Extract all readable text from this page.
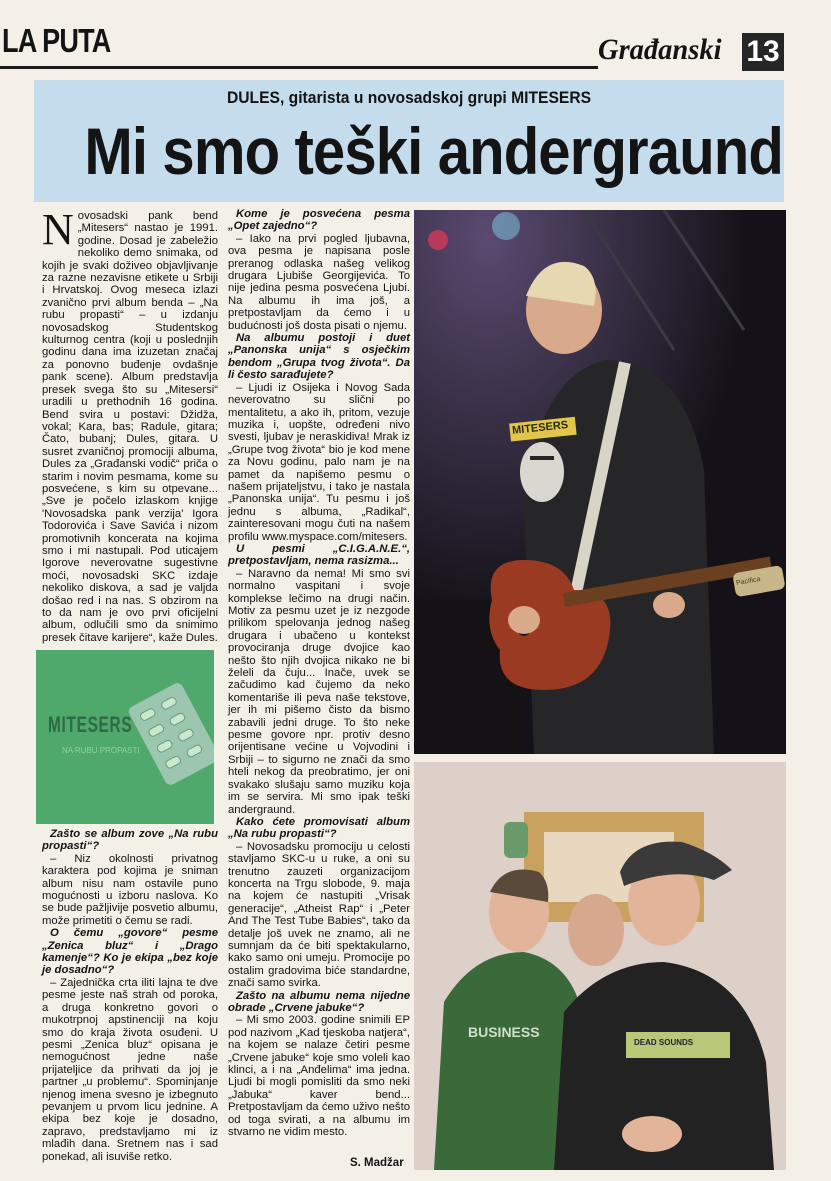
LA PUTA	Građanski 13
DULES, gitarista u novosadskoj grupi MITESERS
Mi smo teški andergraund
N ovosadski pank bend „Mitesers“ nastao je 1991. godine. Dosad je zabeležio nekoliko demo snimaka, od kojih je svaki doživeo objavljivanje za razne nezavisne etikete u Srbiji i Hrvatskoj. Ovog meseca izlazi zvanično prvi album benda – „Na rubu propasti“ – u izdanju novosadskog Studentskog kulturnog centra (koji u poslednjih godinu dana ima izuzetan značaj za ponovno buđenje ovdašnje pank scene). Album predstavlja presek svega što su „Mitesersi“ uradili u prethodnih 16 godina. Bend svira u postavi: Džidža, vokal; Kara, bas; Radule, gitara; Čato, bubanj; Dules, gitara. U susret zvaničnoj promociji albuma, Dules za „Građanski vodič“ priča o starim i novim pesmama, kome su posvećene, s kim su otpevane... „Sve je počelo izlaskom knjige 'Novosadska pank verzija' Igora Todorovića i Save Savića i nizom promotivnih koncerata na kojima smo i mi nastupali. Pod uticajem Igorove neverovatne sugestivne moći, novosadski SKC izdaje nekoliko diskova, a sad je valjda došao red i na nas. S obzirom na to da nam je ovo prvi oficijelni album, odlučili smo da snimimo presek čitave karijere“, kaže Dules.
MITESERS
NA RUBU PROPASTI

Zašto se album zove „Na rubu propasti“?

– Niz okolnosti privatnog karaktera pod kojima je sniman album nisu nam ostavile puno mogućnosti u izboru naslova. Ko se bude pažljivije posvetio albumu, može primetiti o čemu se radi.

O čemu „govore“ pesme „Zenica bluz“ i „Drago kamenje“? Ko je ekipa „bez koje je dosadno“?

– Zajednička crta iliti lajna te dve pesme jeste naš strah od poroka, a druga konkretno govori o mukotrpnoj apstinenciji na koju smo do kraja života osuđeni. U pesmi „Zenica bluz“ opisana je nemogućnost jedne naše prijateljice da prihvati da joj je partner „u problemu“. Spominjanje njenog imena svesno je izbegnuto pevanjem u prvom licu jednine. A ekipa bez koje je dosadno, zapravo, predstavljamo mi iz mlađih dana. Sretnem nas i sad ponekad, ali isuviše retko.

Kome je posvećena pesma „Opet zajedno“?

– Iako na prvi pogled ljubavna, ova pesma je napisana posle preranog odlaska našeg velikog drugara Ljubiše Georgijevića. To nije jedina pesma posvećena Ljubi. Na albumu ih ima još, a pretpostavljam da ćemo i u budućnosti još dosta pisati o njemu.

Na albumu postoji i duet „Panonska unija“ s osječkim bendom „Grupa tvog života“. Da li često sarađujete?

– Ljudi iz Osijeka i Novog Sada neverovatno su slični po mentalitetu, a ako ih, pritom, vezuje muzika i, uopšte, određeni nivo svesti, ljubav je neraskidiva! Mrak iz „Grupe tvog života“ bio je kod mene za Novu godinu, palo nam je na pamet da napišemo pesmu o našem prijateljstvu, i tako je nastala „Panonska unija“. Tu pesmu i još jednu s albuma, „Radikal“, zainteresovani mogu čuti na našem profilu www.myspace.com/mitesers.

U pesmi „C.I.G.A.N.E.“, pretpostavljam, nema rasizma...

– Naravno da nema! Mi smo svi normalno vaspitani i svoje komplekse lečimo na drugi način. Motiv za pesmu uzet je iz nezgode prilikom spelovanja jednog našeg drugara i ubačeno u kontekst provociranja druge dvojice kao nešto što njih dvojica nikako ne bi želeli da čuju... Inače, uvek se začudimo kad čujemo da neko komentariše ili peva naše tekstove, jer ih mi pišemo čisto da bismo zabavili jedni druge. To što neke pesme govore npr. protiv desno orijentisane većine u Vojvodini i Srbiji – to sigurno ne znači da smo hteli nekog da preobratimo, jer oni svakako slušaju samo muziku koja im se servira. Mi smo ipak teški andergraund.

Kako ćete promovisati album „Na rubu propasti“?

– Novosadsku promociju u celosti stavljamo SKC-u u ruke, a oni su trenutno zauzeti organizacijom koncerta na Trgu slobode, 9. maja na kojem će nastupiti „Vrisak generacije“, „Atheist Rap“ i „Peter And The Test Tube Babies“, tako da detalje još uvek ne znamo, ali ne sumnjam da će biti spektakularno, kako samo oni umeju. Promocije po ostalim gradovima biće standardne, znači samo svirka.

Zašto na albumu nema nijedne obrade „Crvene jabuke“?

– Mi smo 2003. godine snimili EP pod nazivom „Kad tjeskoba natjera“, na kojem se nalaze četiri pesme „Crvene jabuke“ koje smo voleli kao klinci, a i na „Anđelima“ ima jedna. Ljudi bi mogli pomisliti da smo neki „Jabuka“ kaver bend... Pretpostavljam da ćemo uživo nešto od toga svirati, a na albumu im stvarno ne vidim mesto.

MITESERS
Pacifica
BUSINESS
DEAD SOUNDS
S. Madžar
